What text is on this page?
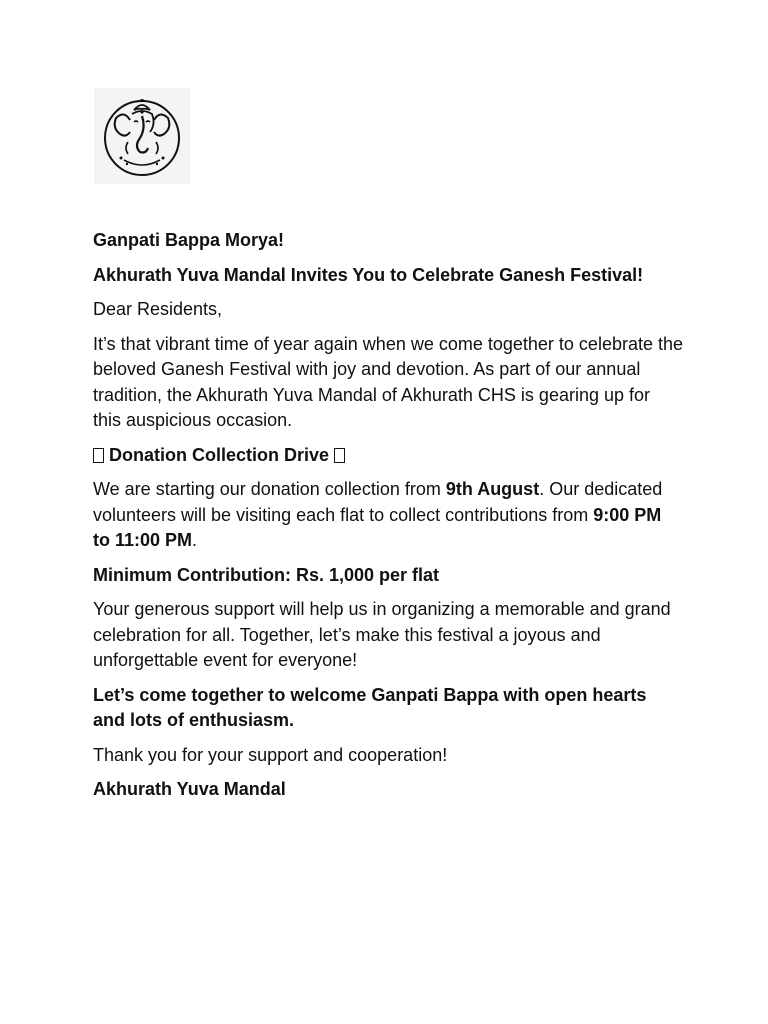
Ganpati Bappa Morya!

Akhurath Yuva Mandal Invites You to Celebrate Ganesh Festival!

Dear Residents,

It’s that vibrant time of year again when we come together to celebrate the beloved Ganesh Festival with joy and devotion. As part of our annual tradition, the Akhurath Yuva Mandal of Akhurath CHS is gearing up for this auspicious occasion.

Donation Collection Drive

We are starting our donation collection from 9th August. Our dedicated volunteers will be visiting each flat to collect contributions from 9:00 PM to 11:00 PM.

Minimum Contribution: Rs. 1,000 per flat

Your generous support will help us in organizing a memorable and grand celebration for all. Together, let’s make this festival a joyous and unforgettable event for everyone!

Let’s come together to welcome Ganpati Bappa with open hearts and lots of enthusiasm.

Thank you for your support and cooperation!

Akhurath Yuva Mandal
